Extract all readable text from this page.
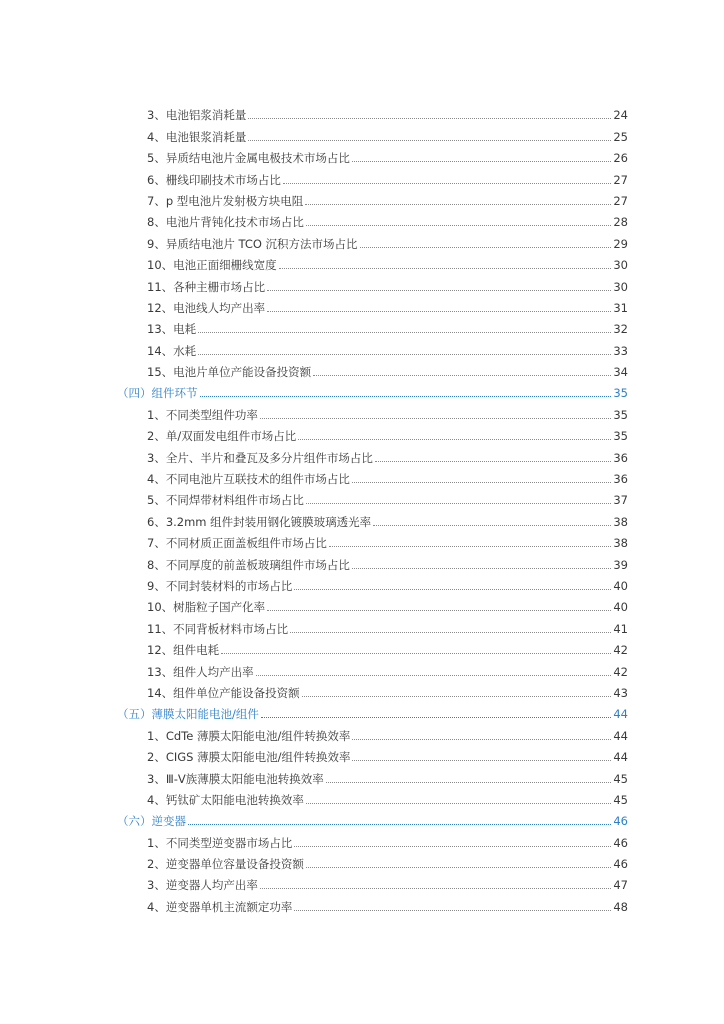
3、电池铝浆消耗量	24
4、电池银浆消耗量	25
5、异质结电池片金属电极技术市场占比	26
6、栅线印刷技术市场占比	27
7、p 型电池片发射极方块电阻	27
8、电池片背钝化技术市场占比	28
9、异质结电池片 TCO 沉积方法市场占比	29
10、电池正面细栅线宽度	30
11、各种主栅市场占比	30
12、电池线人均产出率	31
13、电耗	32
14、水耗	33
15、电池片单位产能设备投资额	34
（四）组件环节	35
1、不同类型组件功率	35
2、单/双面发电组件市场占比	35
3、全片、半片和叠瓦及多分片组件市场占比	36
4、不同电池片互联技术的组件市场占比	36
5、不同焊带材料组件市场占比	37
6、3.2mm 组件封装用钢化镀膜玻璃透光率	38
7、不同材质正面盖板组件市场占比	38
8、不同厚度的前盖板玻璃组件市场占比	39
9、不同封装材料的市场占比	40
10、树脂粒子国产化率	40
11、不同背板材料市场占比	41
12、组件电耗	42
13、组件人均产出率	42
14、组件单位产能设备投资额	43
（五）薄膜太阳能电池/组件	44
1、CdTe 薄膜太阳能电池/组件转换效率	44
2、CIGS 薄膜太阳能电池/组件转换效率	44
3、Ⅲ-Ⅴ族薄膜太阳能电池转换效率	45
4、钙钛矿太阳能电池转换效率	45
（六）逆变器	46
1、不同类型逆变器市场占比	46
2、逆变器单位容量设备投资额	46
3、逆变器人均产出率	47
4、逆变器单机主流额定功率	48
